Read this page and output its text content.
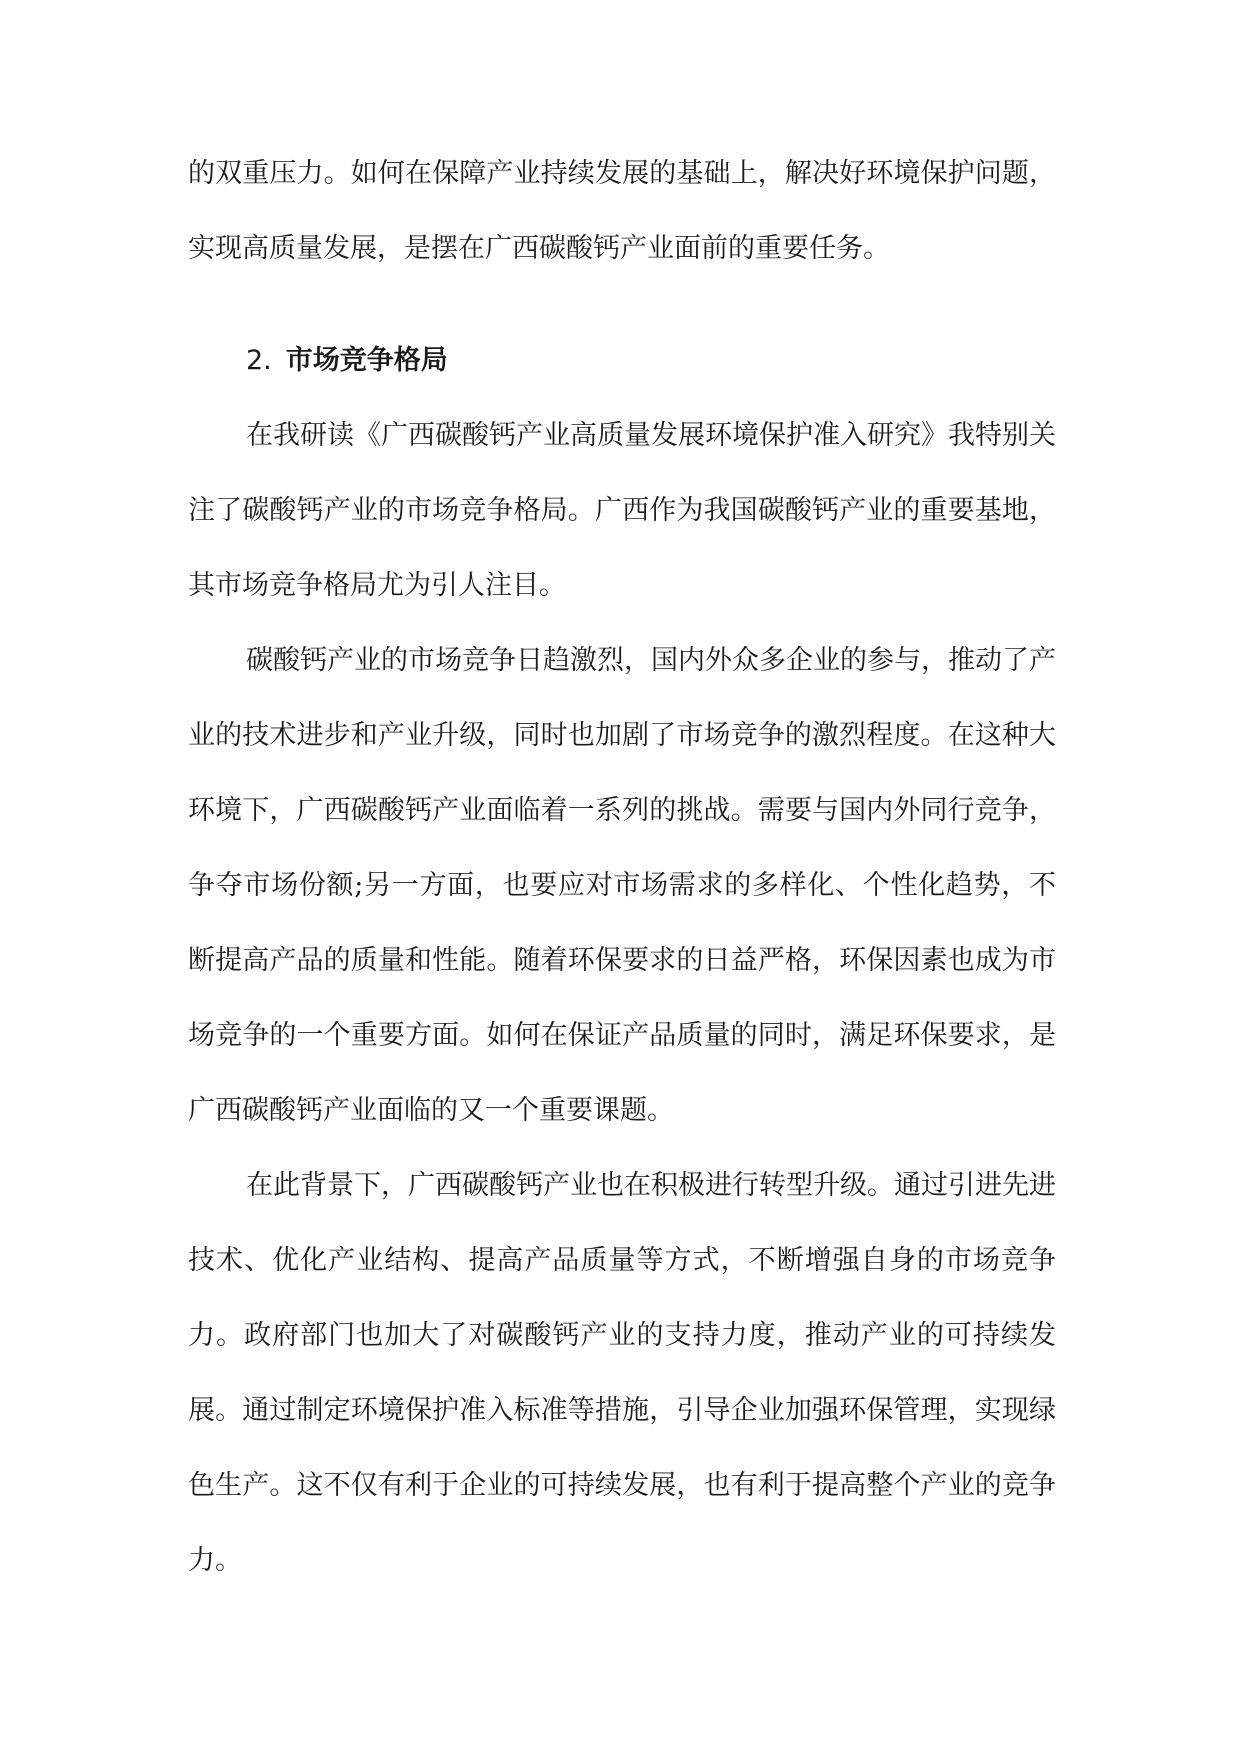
的双重压力。如何在保障产业持续发展的基础上，解决好环境保护问题，实现高质量发展，是摆在广西碳酸钙产业面前的重要任务。

2. 市场竞争格局

在我研读《广西碳酸钙产业高质量发展环境保护准入研究》我特别关注了碳酸钙产业的市场竞争格局。广西作为我国碳酸钙产业的重要基地，其市场竞争格局尤为引人注目。

碳酸钙产业的市场竞争日趋激烈，国内外众多企业的参与，推动了产业的技术进步和产业升级，同时也加剧了市场竞争的激烈程度。在这种大环境下，广西碳酸钙产业面临着一系列的挑战。需要与国内外同行竞争，争夺市场份额;另一方面，也要应对市场需求的多样化、个性化趋势，不断提高产品的质量和性能。随着环保要求的日益严格，环保因素也成为市场竞争的一个重要方面。如何在保证产品质量的同时，满足环保要求，是广西碳酸钙产业面临的又一个重要课题。

在此背景下，广西碳酸钙产业也在积极进行转型升级。通过引进先进技术、优化产业结构、提高产品质量等方式，不断增强自身的市场竞争力。政府部门也加大了对碳酸钙产业的支持力度，推动产业的可持续发展。通过制定环境保护准入标准等措施，引导企业加强环保管理，实现绿色生产。这不仅有利于企业的可持续发展，也有利于提高整个产业的竞争力。
